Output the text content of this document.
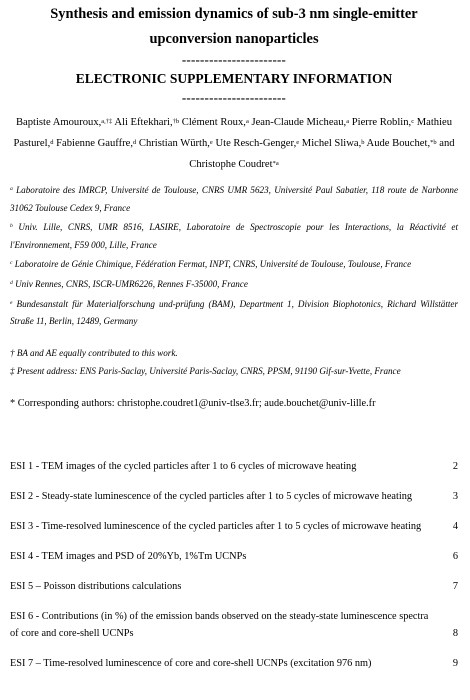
Synthesis and emission dynamics of sub-3 nm single-emitter
upconversion nanoparticles

-----------------------

ELECTRONIC SUPPLEMENTARY INFORMATION

-----------------------

Baptiste Amouroux,$^{a,\dagger\ddagger}$ Ali Eftekhari,$^{\dagger b}$ Clément Roux,$^a$ Jean-Claude Micheau,$^a$ Pierre Roblin,$^c$ Mathieu Pasturel,$^d$ Fabienne Gauffre,$^d$ Christian Würth,$^e$ Ute Resch-Genger,$^e$ Michel Sliwa,$^b$ Aude Bouchet,$^{*b}$ and Christophe Coudret$^{*a}$

$^a$ Laboratoire des IMRCP, Université de Toulouse, CNRS UMR 5623, Université Paul Sabatier, 118 route de Narbonne 31062 Toulouse Cedex 9, France

$^b$ Univ. Lille, CNRS, UMR 8516, LASIRE, Laboratoire de Spectroscopie pour les Interactions, la Réactivité et l'Environnement, F59 000, Lille, France

$^c$ Laboratoire de Génie Chimique, Fédération Fermat, INPT, CNRS, Université de Toulouse, Toulouse, France

$^d$ Univ Rennes, CNRS, ISCR-UMR6226, Rennes F-35000, France

$^e$ Bundesanstalt für Materialforschung und-prüfung (BAM), Department 1, Division Biophotonics, Richard Willstätter Straße 11, Berlin, 12489, Germany

† BA and AE equally contributed to this work.

‡ Present address: ENS Paris-Saclay, Université Paris-Saclay, CNRS, PPSM, 91190 Gif-sur-Yvette, France

* Corresponding authors: christophe.coudret1@univ-tlse3.fr; aude.bouchet@univ-lille.fr

ESI 1 - TEM images of the cycled particles after 1 to 6 cycles of microwave heating	2
ESI 2 - Steady-state luminescence of the cycled particles after 1 to 5 cycles of microwave heating	3
ESI 3 - Time-resolved luminescence of the cycled particles after 1 to 5 cycles of microwave heating	4
ESI 4 - TEM images and PSD of 20%Yb, 1%Tm UCNPs	6
ESI 5 – Poisson distributions calculations	7
ESI 6 - Contributions (in %) of the emission bands observed on the steady-state luminescence spectra
of core and core-shell UCNPs	8
ESI 7 – Time-resolved luminescence of core and core-shell UCNPs (excitation 976 nm)	9
